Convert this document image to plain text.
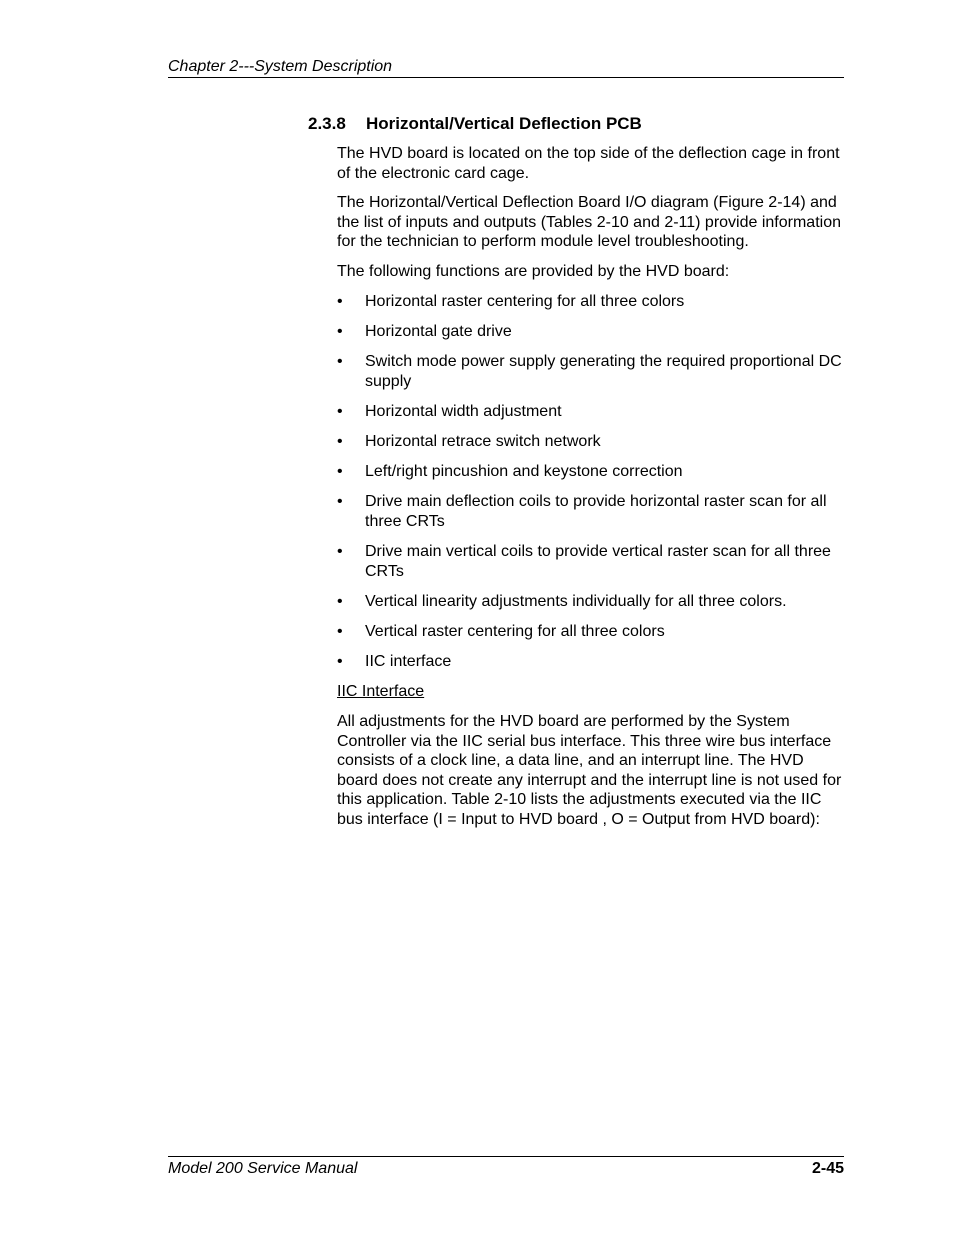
Chapter 2---System Description
2.3.8 Horizontal/Vertical Deflection PCB

The HVD board is located on the top side of the deflection cage in front of the electronic card cage.

The Horizontal/Vertical Deflection Board I/O diagram (Figure 2-14) and the list of inputs and outputs (Tables 2-10 and 2-11) provide information for the technician to perform module level troubleshooting.

The following functions are provided by the HVD board:

•	Horizontal raster centering for all three colors
•	Horizontal gate drive
•	Switch mode power supply generating the required proportional DC supply
•	Horizontal width adjustment
•	Horizontal retrace switch network
•	Left/right pincushion and keystone correction
•	Drive main deflection coils to provide horizontal raster scan for all three CRTs
•	Drive main vertical coils to provide vertical raster scan for all three CRTs
•	Vertical linearity adjustments individually for all three colors.
•	Vertical raster centering for all three colors
•	IIC interface

IIC Interface

All adjustments for the HVD board are performed by the System Controller via the IIC serial bus interface. This three wire bus interface consists of a clock line, a data line, and an interrupt line. The HVD board does not create any interrupt and the interrupt line is not used for this application. Table 2-10 lists the adjustments executed via the IIC bus interface (I = Input to HVD board , O = Output from HVD board):

Model 200 Service Manual	2-45
